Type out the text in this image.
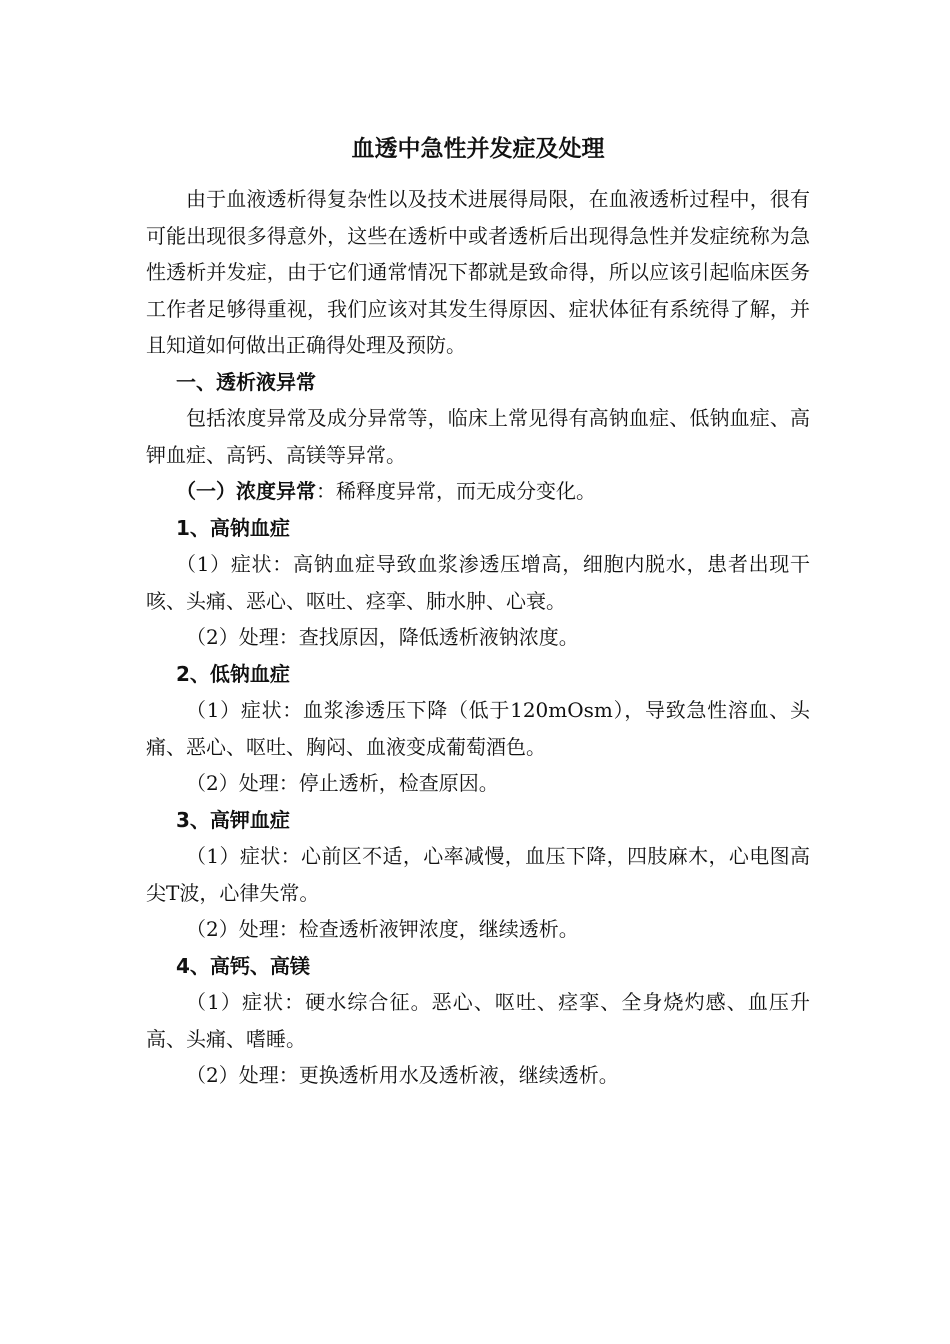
血透中急性并发症及处理

由于血液透析得复杂性以及技术进展得局限，在血液透析过程中，很有可能出现很多得意外，这些在透析中或者透析后出现得急性并发症统称为急性透析并发症，由于它们通常情况下都就是致命得，所以应该引起临床医务工作者足够得重视，我们应该对其发生得原因、症状体征有系统得了解，并且知道如何做出正确得处理及预防。

一、透析液异常

包括浓度异常及成分异常等，临床上常见得有高钠血症、低钠血症、高钾血症、高钙、高镁等异常。

（一）浓度异常：稀释度异常，而无成分变化。

1、高钠血症

（1）症状：高钠血症导致血浆渗透压增高，细胞内脱水，患者出现干咳、头痛、恶心、呕吐、痉挛、肺水肿、心衰。

（2）处理：查找原因，降低透析液钠浓度。

2、低钠血症

（1）症状：血浆渗透压下降（低于120mOsm），导致急性溶血、头痛、恶心、呕吐、胸闷、血液变成葡萄酒色。

（2）处理：停止透析，检查原因。

3、高钾血症

（1）症状：心前区不适，心率减慢，血压下降，四肢麻木，心电图高尖T波，心律失常。

（2）处理：检查透析液钾浓度，继续透析。

4、高钙、高镁

（1）症状：硬水综合征。恶心、呕吐、痉挛、全身烧灼感、血压升高、头痛、嗜睡。

（2）处理：更换透析用水及透析液，继续透析。
